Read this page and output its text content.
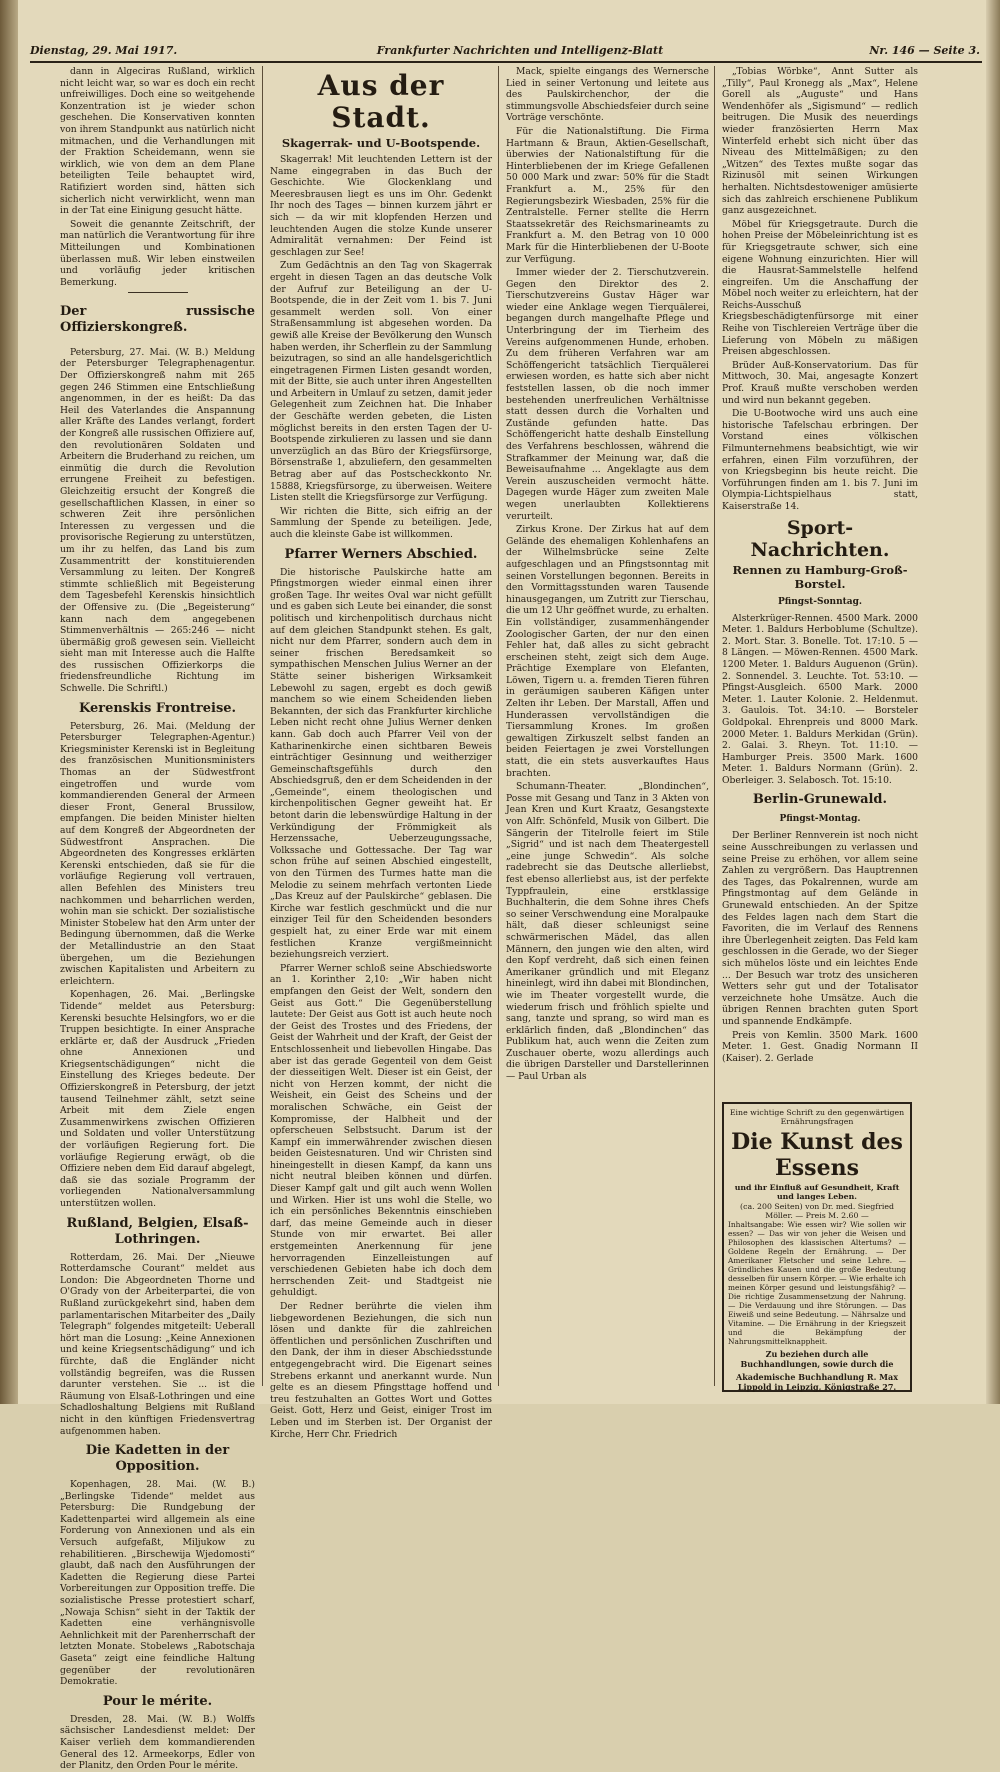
Dienstag, 29. Mai 1917.	Frankfurter Nachrichten und Intelligenz-Blatt	Nr. 146 — Seite 3.

dann in Algeciras Rußland, wirklich nicht leicht war, so war es doch ein recht unfreiwilliges. Doch eine so weitgehende Konzentration ist je wieder schon geschehen. Die Konservativen konnten von ihrem Standpunkt aus natürlich nicht mitmachen, und die Verhandlungen mit der Fraktion Scheidemann, wenn sie wirklich, wie von dem an dem Plane beteiligten Teile behauptet wird, Ratifiziert worden sind, hätten sich sicherlich nicht verwirklicht, wenn man in der Tat eine Einigung gesucht hätte.

Soweit die genannte Zeitschrift, der man natürlich die Verantwortung für ihre Mitteilungen und Kombinationen überlassen muß. Wir leben einstweilen und vorläufig jeder kritischen Bemerkung.

Der russische Offizierskongreß.

Petersburg, 27. Mai. (W. B.) Meldung der Petersburger Telegraphenagentur. Der Offizierskongreß nahm mit 265 gegen 246 Stimmen eine Entschließung angenommen, in der es heißt: Da das Heil des Vaterlandes die Anspannung aller Kräfte des Landes verlangt, fordert der Kongreß alle russischen Offiziere auf, den revolutionären Soldaten und Arbeitern die Bruderhand zu reichen, um einmütig die durch die Revolution errungene Freiheit zu befestigen. Gleichzeitig ersucht der Kongreß die gesellschaftlichen Klassen, in einer so schweren Zeit ihre persönlichen Interessen zu vergessen und die provisorische Regierung zu unterstützen, um ihr zu helfen, das Land bis zum Zusammentritt der konstituierenden Versammlung zu leiten. Der Kongreß stimmte schließlich mit Begeisterung dem Tagesbefehl Kerenskis hinsichtlich der Offensive zu. (Die „Begeisterung“ kann nach dem angegebenen Stimmenverhältnis — 265:246 — nicht übermäßig groß gewesen sein. Vielleicht sieht man mit Interesse auch die Halfte des russischen Offizierkorps die friedensfreundliche Richtung im Schwelle. Die Schriftl.)

Kerenskis Frontreise.

Petersburg, 26. Mai. (Meldung der Petersburger Telegraphen-Agentur.) Kriegsminister Kerenski ist in Begleitung des französischen Munitionsministers Thomas an der Südwestfront eingetroffen und wurde vom kommandierenden General der Armeen dieser Front, General Brussilow, empfangen. Die beiden Minister hielten auf dem Kongreß der Abgeordneten der Südwestfront Ansprachen. Die Abgeordneten des Kongresses erklärten Kerenski entschieden, daß sie für die vorläufige Regierung voll vertrauen, allen Befehlen des Ministers treu nachkommen und beharrlichen werden, wohin man sie schickt. Der sozialistische Minister Stobelew hat den Arm unter der Bedingung übernommen, daß die Werke der Metallindustrie an den Staat übergehen, um die Beziehungen zwischen Kapitalisten und Arbeitern zu erleichtern.

Kopenhagen, 26. Mai. „Berlingske Tidende“ meldet aus Petersburg: Kerenski besuchte Helsingfors, wo er die Truppen besichtigte. In einer Ansprache erklärte er, daß der Ausdruck „Frieden ohne Annexionen und Kriegsentschädigungen“ nicht die Einstellung des Krieges bedeute. Der Offizierskongreß in Petersburg, der jetzt tausend Teilnehmer zählt, setzt seine Arbeit mit dem Ziele engen Zusammenwirkens zwischen Offizieren und Soldaten und voller Unterstützung der vorläufigen Regierung fort. Die vorläufige Regierung erwägt, ob die Offiziere neben dem Eid darauf abgelegt, daß sie das soziale Programm der vorliegenden Nationalversammlung unterstützen wollen.

Rußland, Belgien, Elsaß-Lothringen.

Rotterdam, 26. Mai. Der „Nieuwe Rotterdamsche Courant“ meldet aus London: Die Abgeordneten Thorne und O'Grady von der Arbeiterpartei, die von Rußland zurückgekehrt sind, haben dem parlamentarischen Mitarbeiter des „Daily Telegraph“ folgendes mitgeteilt: Ueberall hört man die Losung: „Keine Annexionen und keine Kriegsentschädigung“ und ich fürchte, daß die Engländer nicht vollständig begreifen, was die Russen darunter verstehen. Sie ... ist die Räumung von Elsaß-Lothringen und eine Schadloshaltung Belgiens mit Rußland nicht in den künftigen Friedensvertrag aufgenommen haben.

Die Kadetten in der Opposition.

Kopenhagen, 28. Mai. (W. B.) „Berlingske Tidende“ meldet aus Petersburg: Die Rundgebung der Kadettenpartei wird allgemein als eine Forderung von Annexionen und als ein Versuch aufgefaßt, Miljukow zu rehabilitieren. „Birschewija Wjedomosti“ glaubt, daß nach den Ausführungen der Kadetten die Regierung diese Partei Vorbereitungen zur Opposition treffe. Die sozialistische Presse protestiert scharf, „Nowaja Schisn“ sieht in der Taktik der Kadetten eine verhängnisvolle Aehnlichkeit mit der Parenherrschaft der letzten Monate. Stobelews „Rabotschaja Gaseta“ zeigt eine feindliche Haltung gegenüber der revolutionären Demokratie.

Pour le mérite.

Dresden, 28. Mai. (W. B.) Wolffs sächsischer Landesdienst meldet: Der Kaiser verlieh dem kommandierenden General des 12. Armeekorps, Edler von der Planitz, den Orden Pour le mérite.

Aus der Stadt.
Skagerrak- und U-Bootspende.

Skagerrak! Mit leuchtenden Lettern ist der Name eingegraben in das Buch der Geschichte. Wie Glockenklang und Meeresbrausen liegt es uns im Ohr. Gedenkt Ihr noch des Tages — binnen kurzem jährt er sich — da wir mit klopfenden Herzen und leuchtenden Augen die stolze Kunde unserer Admiralität vernahmen: Der Feind ist geschlagen zur See!

Zum Gedächtnis an den Tag von Skagerrak ergeht in diesen Tagen an das deutsche Volk der Aufruf zur Beteiligung an der U-Bootspende, die in der Zeit vom 1. bis 7. Juni gesammelt werden soll. Von einer Straßensammlung ist abgesehen worden. Da gewiß alle Kreise der Bevölkerung den Wunsch haben werden, ihr Scherflein zu der Sammlung beizutragen, so sind an alle handelsgerichtlich eingetragenen Firmen Listen gesandt worden, mit der Bitte, sie auch unter ihren Angestellten und Arbeitern in Umlauf zu setzen, damit jeder Gelegenheit zum Zeichnen hat. Die Inhaber der Geschäfte werden gebeten, die Listen möglichst bereits in den ersten Tagen der U-Bootspende zirkulieren zu lassen und sie dann unverzüglich an das Büro der Kriegsfürsorge, Börsenstraße 1, abzuliefern, den gesammelten Betrag aber auf das Postscheckkonto Nr. 15888, Kriegsfürsorge, zu überweisen. Weitere Listen stellt die Kriegsfürsorge zur Verfügung.

Wir richten die Bitte, sich eifrig an der Sammlung der Spende zu beteiligen. Jede, auch die kleinste Gabe ist willkommen.

Pfarrer Werners Abschied.

Die historische Paulskirche hatte am Pfingstmorgen wieder einmal einen ihrer großen Tage. Ihr weites Oval war nicht gefüllt und es gaben sich Leute bei einander, die sonst politisch und kirchenpolitisch durchaus nicht auf dem gleichen Standpunkt stehen. Es galt, nicht nur dem Pfarrer, sondern auch dem in seiner frischen Beredsamkeit so sympathischen Menschen Julius Werner an der Stätte seiner bisherigen Wirksamkeit Lebewohl zu sagen, ergebt es doch gewiß manchem so wie einem Scheidenden lieben Bekannten, der sich das Frankfurter kirchliche Leben nicht recht ohne Julius Werner denken kann. Gab doch auch Pfarrer Veil von der Katharinenkirche einen sichtbaren Beweis einträchtiger Gesinnung und weitherziger Gemeinschaftsgefühls durch den Abschiedsgruß, den er dem Scheidenden in der „Gemeinde“, einem theologischen und kirchenpolitischen Gegner geweiht hat. Er betont darin die lebenswürdige Haltung in der Verkündigung der Frömmigkeit als Herzenssache, Ueberzeugungssache, Volkssache und Gottessache. Der Tag war schon frühe auf seinen Abschied eingestellt, von den Türmen des Turmes hatte man die Melodie zu seinem mehrfach vertonten Liede „Das Kreuz auf der Paulskirche“ geblasen. Die Kirche war festlich geschmückt und die nur einziger Teil für den Scheidenden besonders gespielt hat, zu einer Erde war mit einem festlichen Kranze vergißmeinnicht beziehungsreich verziert.

Pfarrer Werner schloß seine Abschiedsworte an 1. Korinther 2,10: „Wir haben nicht empfangen den Geist der Welt, sondern den Geist aus Gott.“ Die Gegenüberstellung lautete: Der Geist aus Gott ist auch heute noch der Geist des Trostes und des Friedens, der Geist der Wahrheit und der Kraft, der Geist der Entschlossenheit und liebevollen Hingabe. Das aber ist das gerade Gegenteil von dem Geist der diesseitigen Welt. Dieser ist ein Geist, der nicht von Herzen kommt, der nicht die Weisheit, ein Geist des Scheins und der moralischen Schwäche, ein Geist der Kompromisse, der Halbheit und der opferscheuen Selbstsucht. Darum ist der Kampf ein immerwährender zwischen diesen beiden Geistesnaturen. Und wir Christen sind hineingestellt in diesen Kampf, da kann uns nicht neutral bleiben können und dürfen. Dieser Kampf galt und gilt auch wenn Wollen und Wirken. Hier ist uns wohl die Stelle, wo ich ein persönliches Bekenntnis einschieben darf, das meine Gemeinde auch in dieser Stunde von mir erwartet. Bei aller erstgemeinten Anerkennung für jene hervorragenden Einzelleistungen auf verschiedenen Gebieten habe ich doch dem herrschenden Zeit- und Stadtgeist nie gehuldigt.

Der Redner berührte die vielen ihm liebgewordenen Beziehungen, die sich nun lösen und dankte für die zahlreichen öffentlichen und persönlichen Zuschriften und den Dank, der ihm in dieser Abschiedsstunde entgegengebracht wird. Die Eigenart seines Strebens erkannt und anerkannt wurde. Nun gelte es an diesem Pfingsttage hoffend und treu festzuhalten an Gottes Wort und Gottes Geist. Gott, Herz und Geist, einiger Trost im Leben und im Sterben ist. Der Organist der Kirche, Herr Chr. Friedrich

Mack, spielte eingangs des Wernersche Lied in seiner Vertonung und leitete aus des Paulskirchenchor, der die stimmungsvolle Abschiedsfeier durch seine Vorträge verschönte.

Für die Nationalstiftung. Die Firma Hartmann & Braun, Aktien-Gesellschaft, überwies der Nationalstiftung für die Hinterbliebenen der im Kriege Gefallenen 50 000 Mark und zwar: 50% für die Stadt Frankfurt a. M., 25% für den Regierungsbezirk Wiesbaden, 25% für die Zentralstelle. Ferner stellte die Herrn Staatssekretär des Reichsmarineamts zu Frankfurt a. M. den Betrag von 10 000 Mark für die Hinterbliebenen der U-Boote zur Verfügung.

Immer wieder der 2. Tierschutzverein. Gegen den Direktor des 2. Tierschutzvereins Gustav Häger war wieder eine Anklage wegen Tierquälerei, begangen durch mangelhafte Pflege und Unterbringung der im Tierheim des Vereins aufgenommenen Hunde, erhoben. Zu dem früheren Verfahren war am Schöffengericht tatsächlich Tierquälerei erwiesen worden, es hatte sich aber nicht feststellen lassen, ob die noch immer bestehenden unerfreulichen Verhältnisse statt dessen durch die Vorhalten und Zustände gefunden hatte. Das Schöffengericht hatte deshalb Einstellung des Verfahrens beschlossen, während die Strafkammer der Meinung war, daß die Beweisaufnahme ... Angeklagte aus dem Verein auszuscheiden vermocht hätte. Dagegen wurde Häger zum zweiten Male wegen unerlaubten Kollektierens verurteilt.

Zirkus Krone. Der Zirkus hat auf dem Gelände des ehemaligen Kohlenhafens an der Wilhelmsbrücke seine Zelte aufgeschlagen und an Pfingstsonntag mit seinen Vorstellungen begonnen. Bereits in den Vormittagsstunden waren Tausende hinausgegangen, um Zutritt zur Tierschau, die um 12 Uhr geöffnet wurde, zu erhalten. Ein vollständiger, zusammenhängender Zoologischer Garten, der nur den einen Fehler hat, daß alles zu sicht gebracht erscheinen steht, zeigt sich dem Auge. Prächtige Exemplare von Elefanten, Löwen, Tigern u. a. fremden Tieren führen in geräumigen sauberen Käfigen unter Zelten ihr Leben. Der Marstall, Affen und Hunderassen vervollständigen die Tiersammlung Krones. Im großen gewaltigen Zirkuszelt selbst fanden an beiden Feiertagen je zwei Vorstellungen statt, die ein stets ausverkauftes Haus brachten.

Schumann-Theater. „Blondinchen“, Posse mit Gesang und Tanz in 3 Akten von Jean Kren und Kurt Kraatz, Gesangstexte von Alfr. Schönfeld, Musik von Gilbert. Die Sängerin der Titelrolle feiert im Stile „Sigrid“ und ist nach dem Theatergestell „eine junge Schwedin“. Als solche radebrecht sie das Deutsche allerliebst, fest ebenso allerliebst aus, ist der perfekte Typpfraulein, eine erstklassige Buchhalterin, die dem Sohne ihres Chefs so seiner Verschwendung eine Moralpauke hält, daß dieser schleunigst seine schwärmerischen Mädel, das allen Männern, den jungen wie den alten, wird den Kopf verdreht, daß sich einen feinen Amerikaner gründlich und mit Eleganz hineinlegt, wird ihn dabei mit Blondinchen, wie im Theater vorgestellt wurde, die wiederum frisch und fröhlich spielte und sang, tanzte und sprang, so wird man es erklärlich finden, daß „Blondinchen“ das Publikum hat, auch wenn die Zeiten zum Zuschauer oberte, wozu allerdings auch die übrigen Darsteller und Darstellerinnen — Paul Urban als

„Tobias Wörbke“, Annt Sutter als „Tilly“, Paul Kronegg als „Max“, Helene Gorell als „Auguste“ und Hans Wendenhöfer als „Sigismund“ — redlich beitrugen. Die Musik des neuerdings wieder französierten Herrn Max Winterfeld erhebt sich nicht über das Niveau des Mittelmäßigen; zu den „Witzen“ des Textes mußte sogar das Rizinusöl mit seinen Wirkungen herhalten. Nichtsdestoweniger amüsierte sich das zahlreich erschienene Publikum ganz ausgezeichnet.

Möbel für Kriegsgetraute. Durch die hohen Preise der Möbeleinrichtung ist es für Kriegsgetraute schwer, sich eine eigene Wohnung einzurichten. Hier will die Hausrat-Sammelstelle helfend eingreifen. Um die Anschaffung der Möbel noch weiter zu erleichtern, hat der Reichs-Ausschuß Kriegsbeschädigtenfürsorge mit einer Reihe von Tischlereien Verträge über die Lieferung von Möbeln zu mäßigen Preisen abgeschlossen.

Brüder Auß-Konservatorium. Das für Mittwoch, 30. Mai, angesagte Konzert Prof. Krauß mußte verschoben werden und wird nun bekannt gegeben.

Die U-Bootwoche wird uns auch eine historische Tafelschau erbringen. Der Vorstand eines völkischen Filmunternehmens beabsichtigt, wie wir erfahren, einen Film vorzuführen, der von Kriegsbeginn bis heute reicht. Die Vorführungen finden am 1. bis 7. Juni im Olympia-Lichtspielhaus statt, Kaiserstraße 14.

Sport-Nachrichten.
Rennen zu Hamburg-Groß-Borstel.
Pfingst-Sonntag.

Alsterkrüger-Rennen. 4500 Mark. 2000 Meter. 1. Baldurs Herboblume (Schultze). 2. Mort. Star. 3. Bonelle. Tot. 17:10. 5 — 8 Längen. — Möwen-Rennen. 4500 Mark. 1200 Meter. 1. Baldurs Auguenon (Grün). 2. Sonnendel. 3. Leuchte. Tot. 53:10. — Pfingst-Ausgleich. 6500 Mark. 2000 Meter. 1. Lauter Kolonie. 2. Heldenmut. 3. Gaulois. Tot. 34:10. — Borsteler Goldpokal. Ehrenpreis und 8000 Mark. 2000 Meter. 1. Baldurs Merkidan (Grün). 2. Galai. 3. Rheyn. Tot. 11:10. — Hamburger Preis. 3500 Mark. 1600 Meter. 1. Baldurs Normann (Grün). 2. Oberleiger. 3. Selabosch. Tot. 15:10.

Berlin-Grunewald.
Pfingst-Montag.

Der Berliner Rennverein ist noch nicht seine Ausschreibungen zu verlassen und seine Preise zu erhöhen, vor allem seine Zahlen zu vergrößern. Das Hauptrennen des Tages, das Pokalrennen, wurde am Pfingstmontag auf dem Gelände in Grunewald entschieden. An der Spitze des Feldes lagen nach dem Start die Favoriten, die im Verlauf des Rennens ihre Überlegenheit zeigten. Das Feld kam geschlossen in die Gerade, wo der Sieger sich mühelos löste und ein leichtes Ende ... Der Besuch war trotz des unsicheren Wetters sehr gut und der Totalisator verzeichnete hohe Umsätze. Auch die übrigen Rennen brachten guten Sport und spannende Endkämpfe.

Preis von Kemlin. 3500 Mark. 1600 Meter. 1. Gest. Gnadig Normann II (Kaiser). 2. Gerlade

Eine wichtige Schrift zu den gegenwärtigen Ernährungsfragen
Die Kunst des Essens
und ihr Einfluß auf Gesundheit, Kraft und langes Leben.
(ca. 200 Seiten) von Dr. med. Siegfried Möller. — Preis M. 2.60 —
Inhaltsangabe: Wie essen wir? Wie sollen wir essen? — Das wir von jeher die Weisen und Philosophen des klassischen Altertums? — Goldene Regeln der Ernährung. — Der Amerikaner Fletscher und seine Lehre. — Gründliches Kauen und die große Bedeutung desselben für unsern Körper. — Wie erhalte ich meinen Körper gesund und leistungsfähig? — Die richtige Zusammensetzung der Nahrung. — Die Verdauung und ihre Störungen. — Das Eiweiß und seine Bedeutung. — Nährsalze und Vitamine. — Die Ernährung in der Kriegszeit und die Bekämpfung der Nahrungsmittelknappheit.
Zu beziehen durch alle Buchhandlungen, sowie durch die
Akademische Buchhandlung R. Max Lippold in Leipzig, Königstraße 27.
